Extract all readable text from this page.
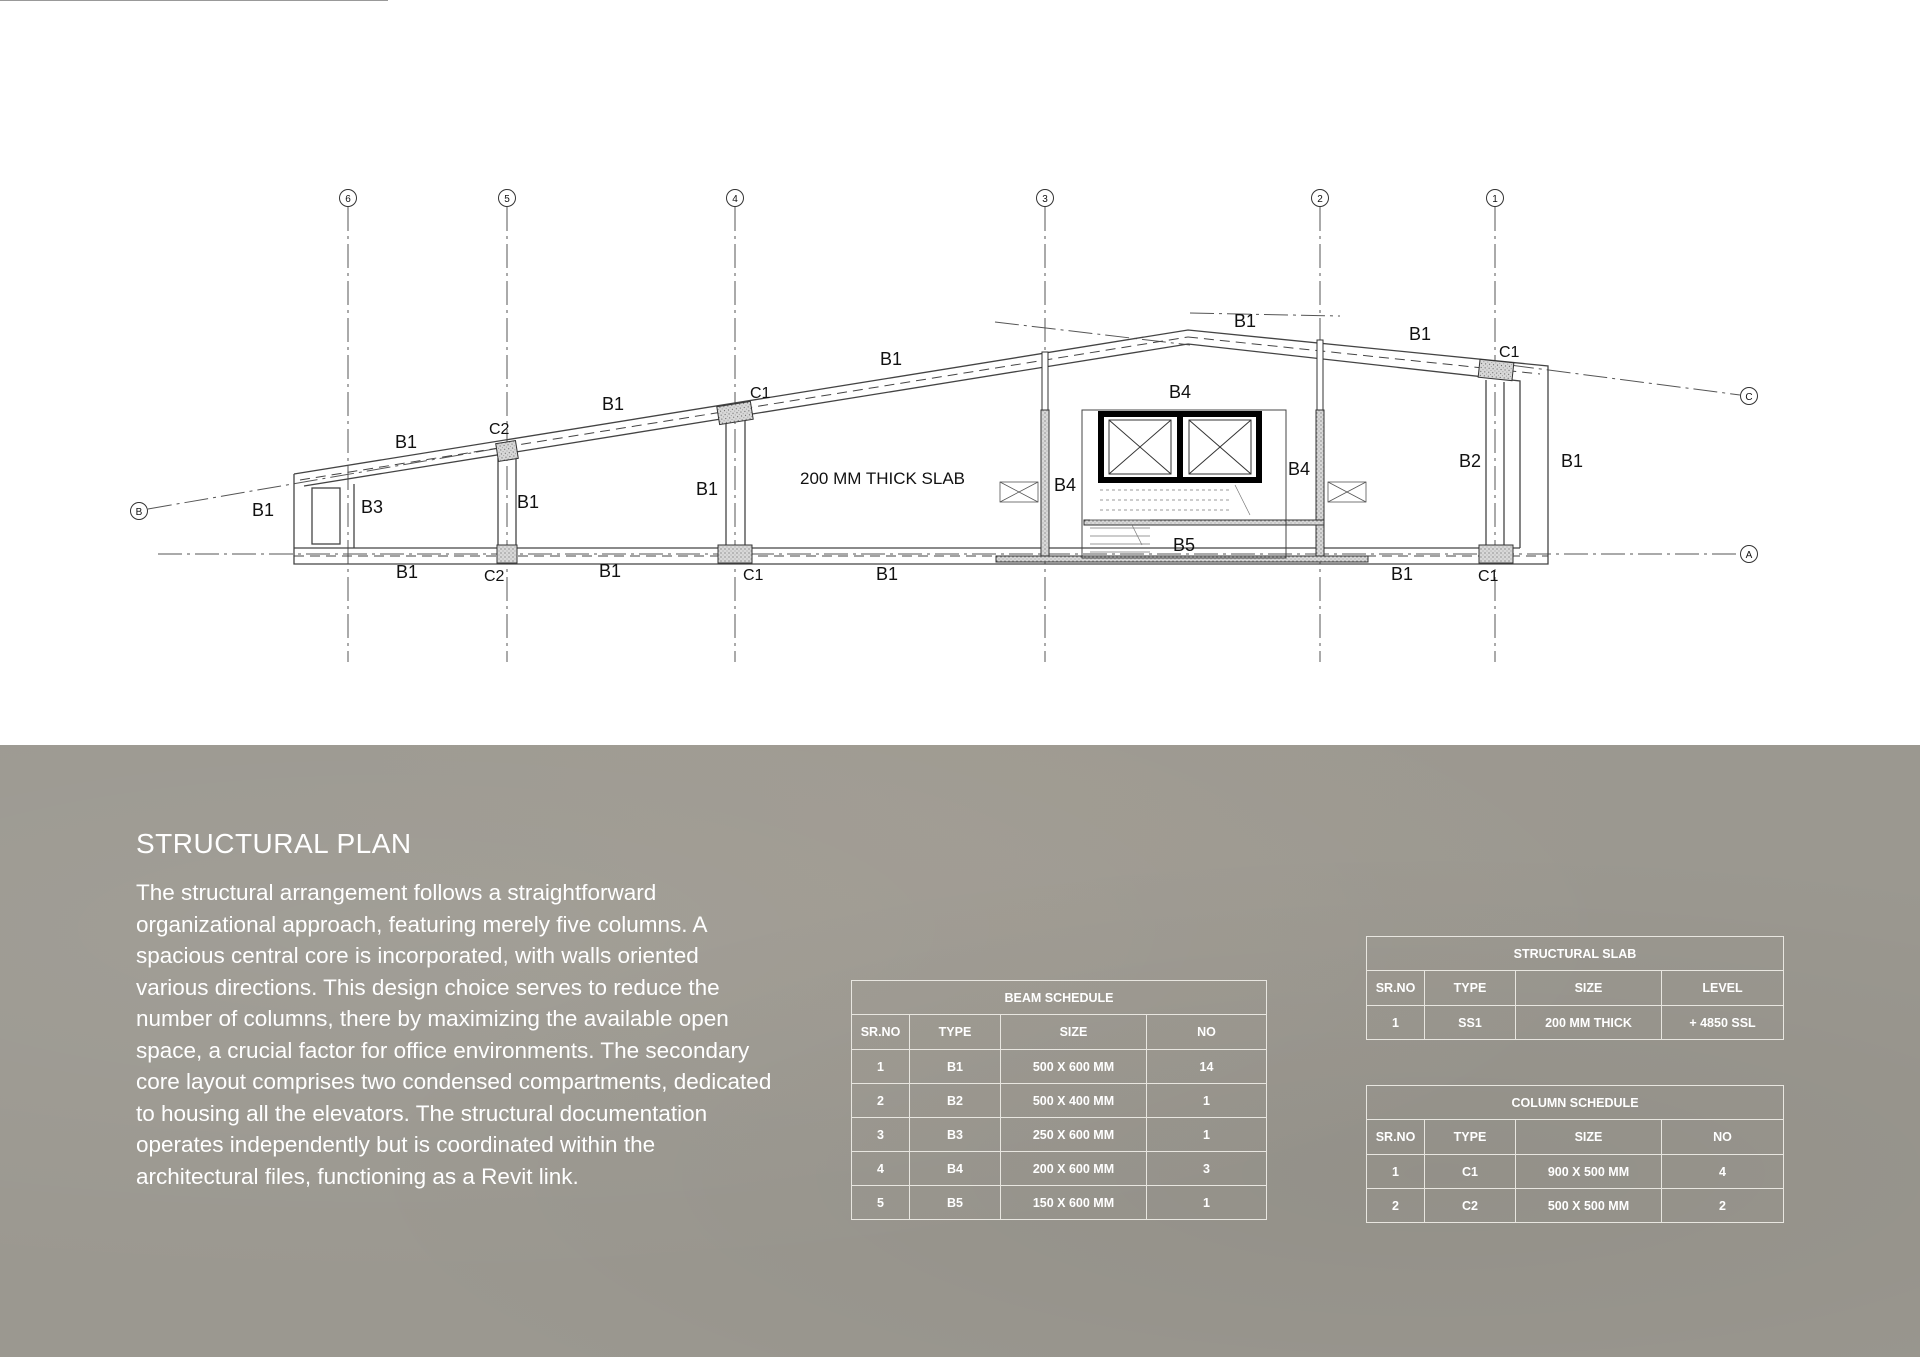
6	5	4	3	2	1
B
C
A
B1
B1
B1
B1
B1
B1	B1
B1
B1
B1	B1	B1	B1
B3
B2
B4
B4
B4
B5
C1
C1
C1	C1
C2
C2
200 MM THICK SLAB
STRUCTURAL PLAN
The structural arrangement follows a straightforward organizational approach, featuring merely five columns. A spacious central core is incorporated, with walls oriented various directions. This design choice serves to reduce the number of columns, there by maximizing the available open space, a crucial factor for office environments. The secondary core layout comprises two condensed compartments, dedicated to housing all the elevators. The structural documentation operates independently but is coordinated within the architectural files, functioning as a Revit link.
BEAM SCHEDULE			
SR.NO	TYPE	SIZE	NO
1	B1	500 X 600 MM	14
2	B2	500 X 400 MM	1
3	B3	250 X 600 MM	1
4	B4	200 X 600 MM	3
5	B5	150 X 600 MM	1
STRUCTURAL SLAB			
SR.NO	TYPE	SIZE	LEVEL
1	SS1	200 MM THICK	+ 4850 SSL
COLUMN SCHEDULE			
SR.NO	TYPE	SIZE	NO
1	C1	900 X 500 MM	4
2	C2	500 X 500 MM	2
